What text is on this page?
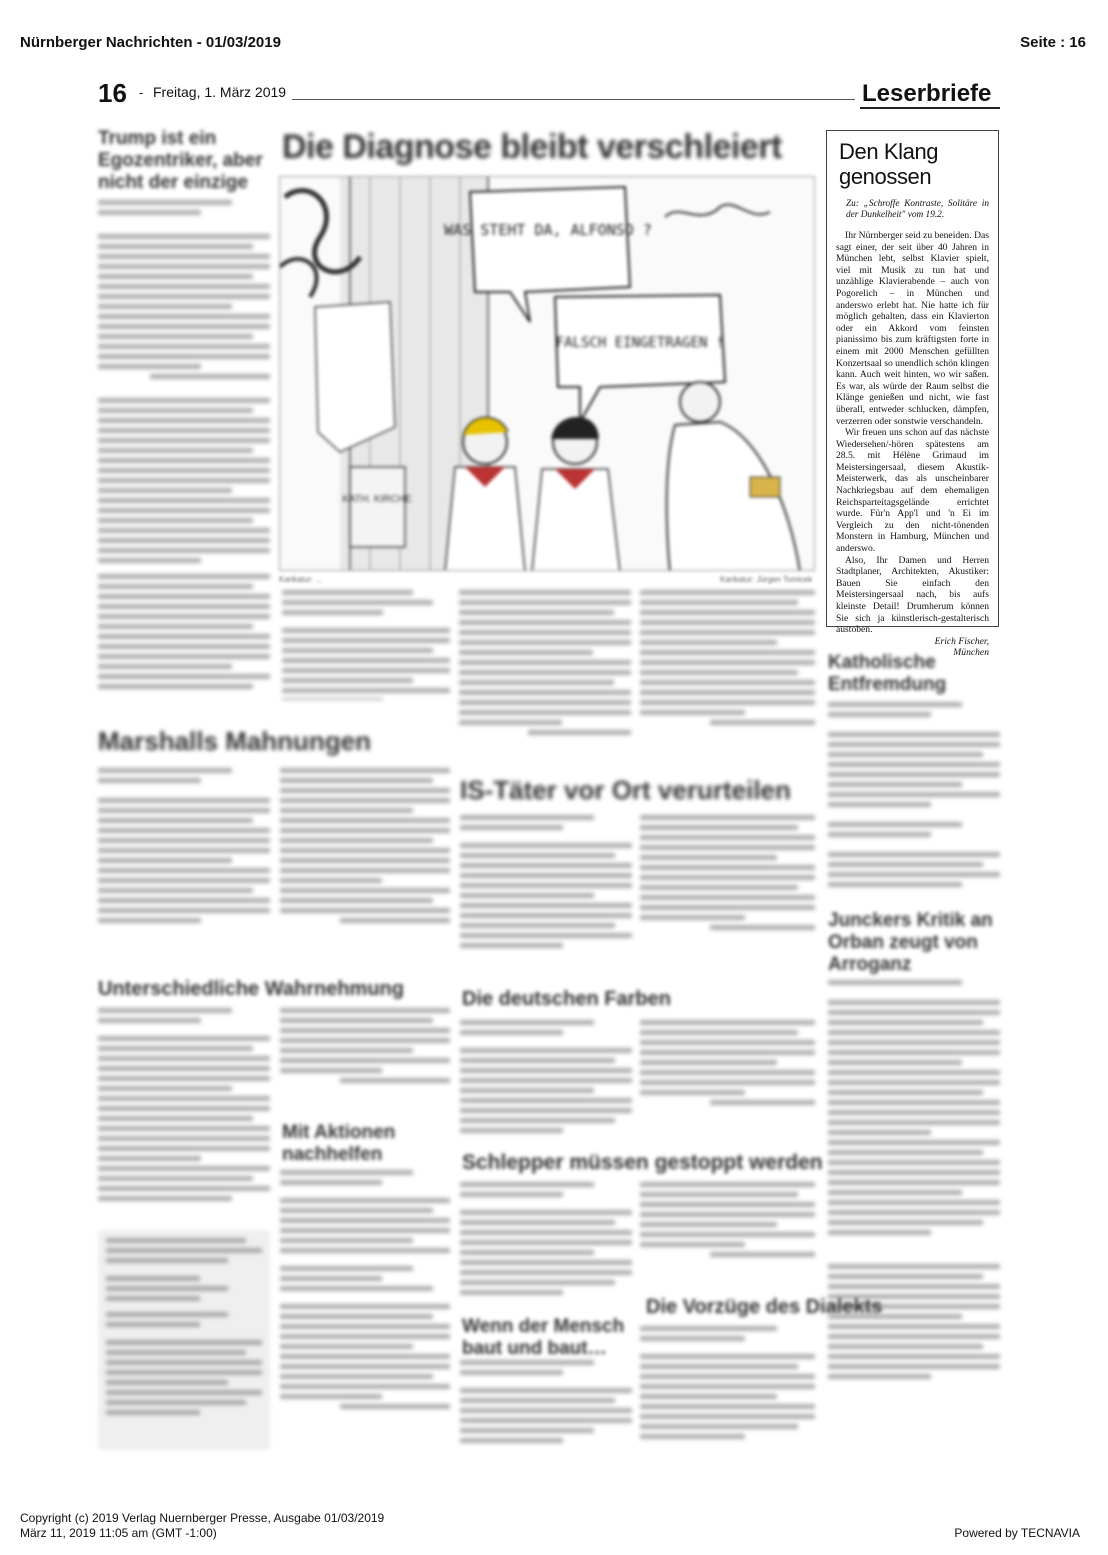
Nürnberger Nachrichten - 01/03/2019	Seite : 16
16 - Freitag, 1. März 2019	Leserbriefe
Trump ist ein Egozentriker, aber nicht der einzige
Die Diagnose bleibt verschleiert
KATH. KIRCHE
WAS STEHT DA, ALFONSO ?
FALSCH EINGETRAGEN !
Karikatur: ...	Karikatur: Jürgen Tomicek
Den Klang genossen
Zu: „Schroffe Kontraste, Solitäre in der Dunkelheit" vom 19.2.

Ihr Nürnberger seid zu beneiden. Das sagt einer, der seit über 40 Jahren in München lebt, selbst Klavier spielt, viel mit Musik zu tun hat und unzählige Klavierabende – auch von Pogorelich – in München und anderswo erlebt hat. Nie hatte ich für möglich gehalten, dass ein Klavierton oder ein Akkord vom feinsten pianissimo bis zum kräftigsten forte in einem mit 2000 Menschen gefüllten Konzertsaal so unendlich schön klingen kann. Auch weit hinten, wo wir saßen. Es war, als würde der Raum selbst die Klänge genießen und nicht, wie fast überall, entweder schlucken, dämpfen, verzerren oder sonstwie verschandeln.

Wir freuen uns schon auf das nächste Wiedersehen/-hören spätestens am 28.5. mit Hélène Grimaud im Meistersingersaal, diesem Akustik-Meisterwerk, das als unscheinbarer Nachkriegsbau auf dem ehemaligen Reichsparteitagsgelände errichtet wurde. Für'n App'l und 'n Ei im Vergleich zu den nicht-tönenden Monstern in Hamburg, München und anderswo.

Also, Ihr Damen und Herren Stadtplaner, Architekten, Akustiker: Bauen Sie einfach den Meistersingersaal nach, bis aufs kleinste Detail! Drumherum können Sie sich ja künstlerisch-gestalterisch austoben.

Erich Fischer,
München
Katholische Entfremdung
Junckers Kritik an Orban zeugt von Arroganz
Marshalls Mahnungen
IS-Täter vor Ort verurteilen
Unterschiedliche Wahrnehmung	Die deutschen Farben
Mit Aktionen nachhelfen	Schlepper müssen gestoppt werden
Wenn der Mensch baut und baut…
Die Vorzüge des Dialekts
Copyright (c) 2019 Verlag Nuernberger Presse, Ausgabe 01/03/2019
März 11, 2019 11:05 am (GMT -1:00)	Powered by TECNAVIA
